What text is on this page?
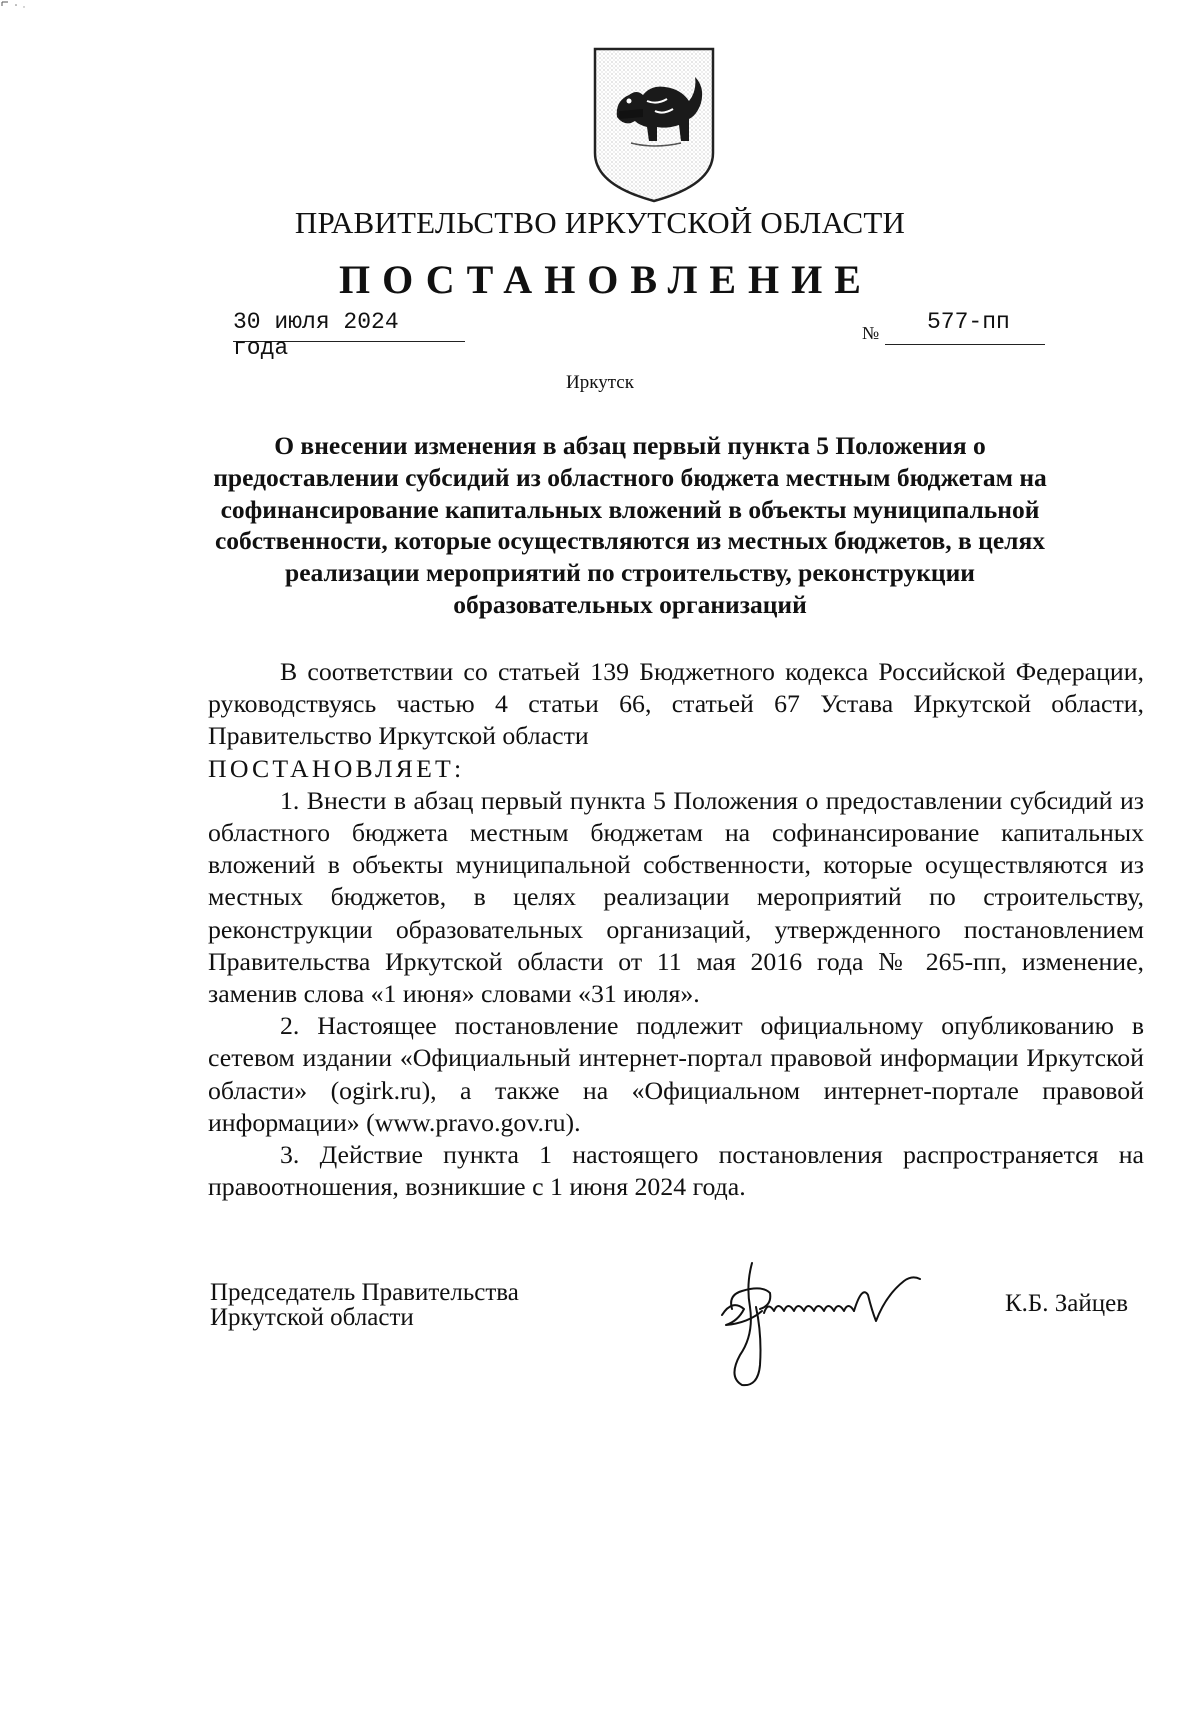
ПРАВИТЕЛЬСТВО ИРКУТСКОЙ ОБЛАСТИ
ПОСТАНОВЛЕНИЕ
30 июля 2024 года
№	577-пп
Иркутск
О внесении изменения в абзац первый пункта 5 Положения о предоставлении субсидий из областного бюджета местным бюджетам на софинансирование капитальных вложений в объекты муниципальной собственности, которые осуществляются из местных бюджетов, в целях реализации мероприятий по строительству, реконструкции образовательных организаций

В соответствии со статьей 139 Бюджетного кодекса Российской Федерации, руководствуясь частью 4 статьи 66, статьей 67 Устава Иркутской области, Правительство Иркутской области

ПОСТАНОВЛЯЕТ:

1. Внести в абзац первый пункта 5 Положения о предоставлении субсидий из областного бюджета местным бюджетам на софинансирование капитальных вложений в объекты муниципальной собственности, которые осуществляются из местных бюджетов, в целях реализации мероприятий по строительству, реконструкции образовательных организаций, утвержденного постановлением Правительства Иркутской области от 11 мая 2016 года № 265-пп, изменение, заменив слова «1 июня» словами «31 июля».

2. Настоящее постановление подлежит официальному опубликованию в сетевом издании «Официальный интернет-портал правовой информации Иркутской области» (ogirk.ru), а также на «Официальном интернет-портале правовой информации» (www.pravo.gov.ru).

3. Действие пункта 1 настоящего постановления распространяется на правоотношения, возникшие с 1 июня 2024 года.

Председатель Правительства
Иркутской области
К.Б. Зайцев
